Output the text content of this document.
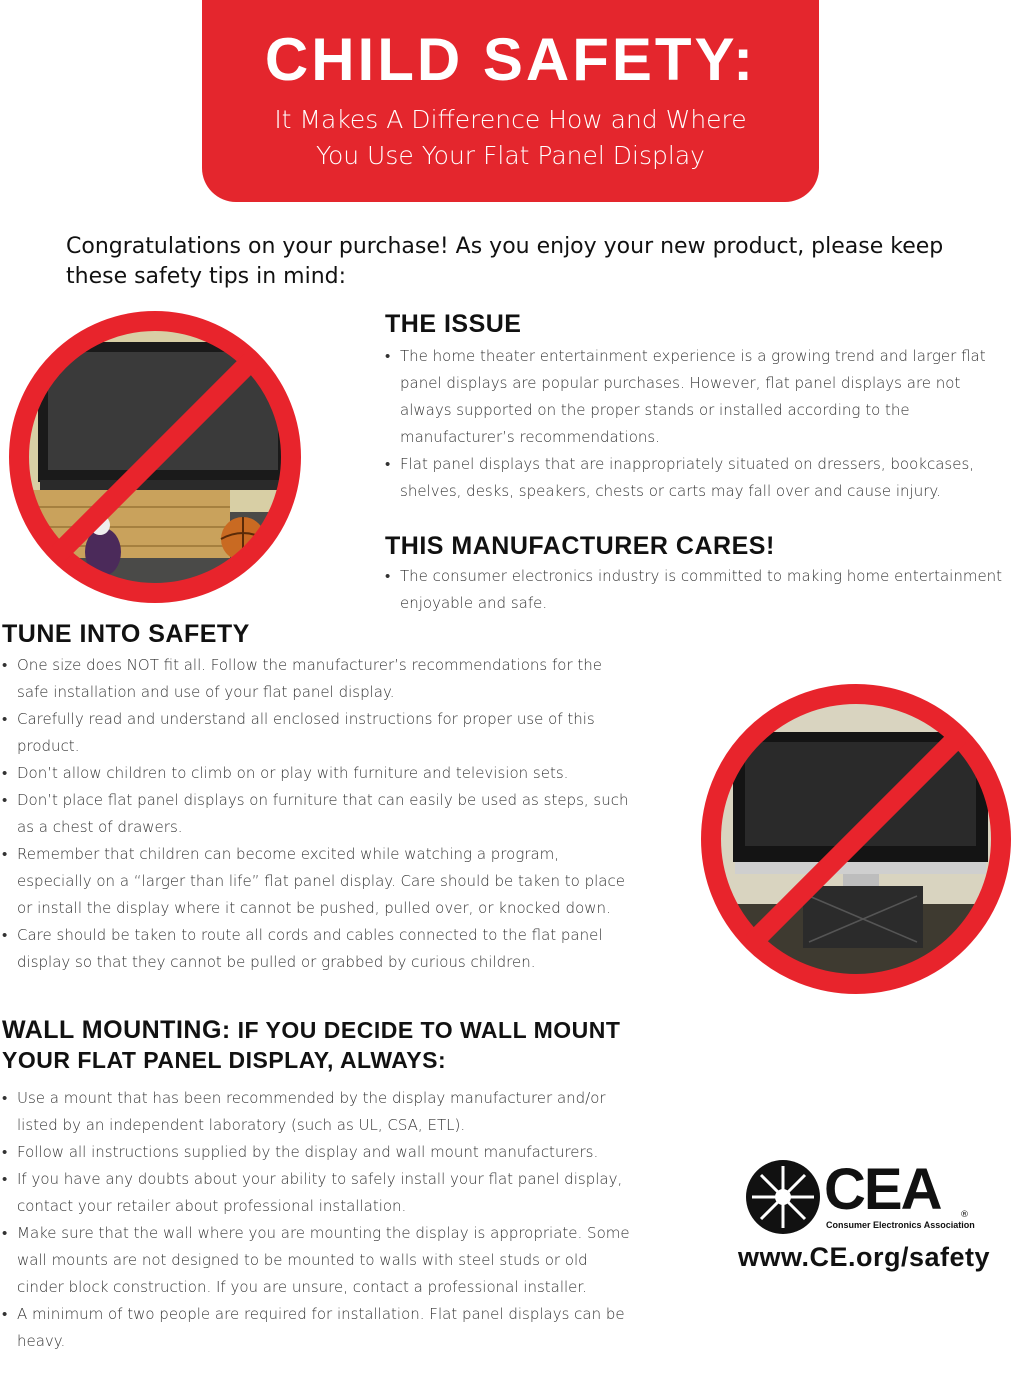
CHILD SAFETY:
It Makes A Difference How and Where
You Use Your Flat Panel Display
Congratulations on your purchase! As you enjoy your new product, please keep these safety tips in mind:
THE ISSUE
• The home theater entertainment experience is a growing trend and larger flat panel displays are popular purchases. However, flat panel displays are not always supported on the proper stands or installed according to the manufacturer’s recommendations.
• Flat panel displays that are inappropriately situated on dressers, bookcases, shelves, desks, speakers, chests or carts may fall over and cause injury.
THIS MANUFACTURER CARES!
• The consumer electronics industry is committed to making home entertainment enjoyable and safe.
TUNE INTO SAFETY
• One size does NOT fit all. Follow the manufacturer’s recommendations for the safe installation and use of your flat panel display.
• Carefully read and understand all enclosed instructions for proper use of this product.
• Don’t allow children to climb on or play with furniture and television sets.
• Don’t place flat panel displays on furniture that can easily be used as steps, such as a chest of drawers.
• Remember that children can become excited while watching a program, especially on a “larger than life” flat panel display. Care should be taken to place or install the display where it cannot be pushed, pulled over, or knocked down.
• Care should be taken to route all cords and cables connected to the flat panel display so that they cannot be pulled or grabbed by curious children.
WALL MOUNTING: IF YOU DECIDE TO WALL MOUNT YOUR FLAT PANEL DISPLAY, ALWAYS:
• Use a mount that has been recommended by the display manufacturer and/or listed by an independent laboratory (such as UL, CSA, ETL).
• Follow all instructions supplied by the display and wall mount manufacturers.
• If you have any doubts about your ability to safely install your flat panel display, contact your retailer about professional installation.
• Make sure that the wall where you are mounting the display is appropriate. Some wall mounts are not designed to be mounted to walls with steel studs or old cinder block construction. If you are unsure, contact a professional installer.
• A minimum of two people are required for installation. Flat panel displays can be heavy.
CEA ®
Consumer Electronics Association
www.CE.org/safety
